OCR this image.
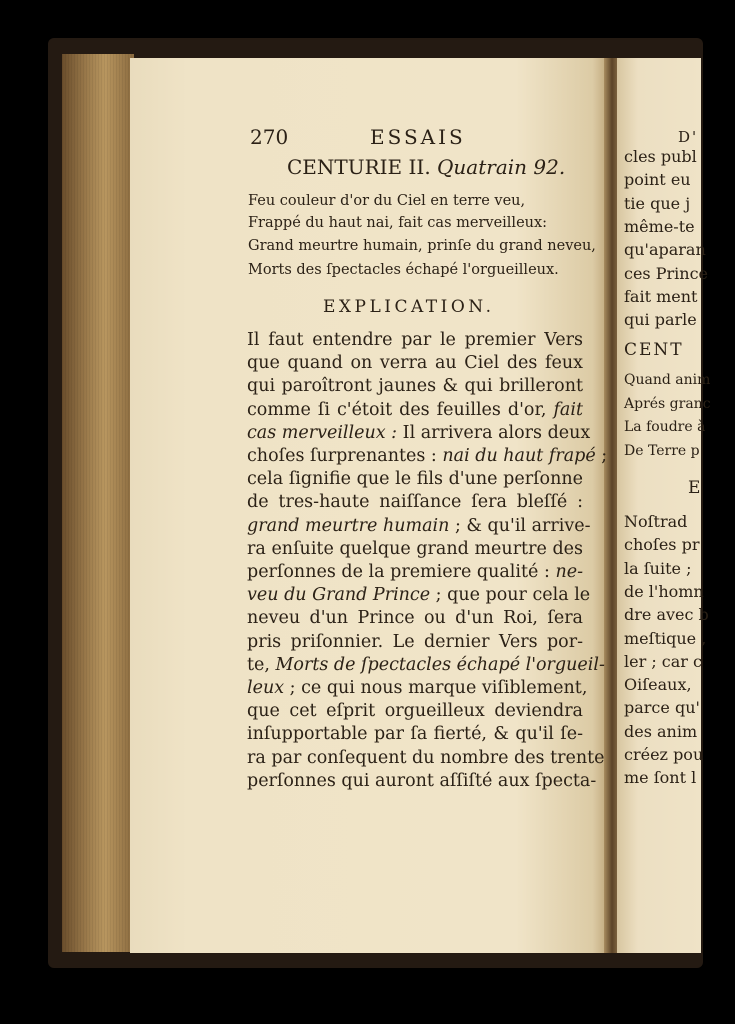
270	ESSAIS
CENTURIE II. Quatrain 92.
Feu couleur d'or du Ciel en terre veu,
Frappé du haut nai, fait cas merveilleux:
Grand meurtre humain, prinſe du grand neveu,
Morts des ſpectacles échapé l'orgueilleux.
EXPLICATION.
Il faut entendre par le premier Vers
que quand on verra au Ciel des feux
qui paroîtront jaunes & qui brilleront
comme ſi c'étoit des feuilles d'or, fait
cas merveilleux : Il arrivera alors deux
choſes ſurprenantes : nai du haut frapé ;
cela ſignifie que le fils d'une perſonne
de tres-haute naiſſance ſera bleſſé :
grand meurtre humain ; & qu'il arrive-
ra enſuite quelque grand meurtre des
perſonnes de la premiere qualité : ne-
veu du Grand Prince ; que pour cela le
neveu d'un Prince ou d'un Roi, ſera
pris priſonnier. Le dernier Vers por-
te, Morts de ſpectacles échapé l'orgueil-
leux ; ce qui nous marque viſiblement,
que cet eſprit orgueilleux deviendra
inſupportable par ſa fierté, & qu'il ſe-
ra par conſequent du nombre des trente
perſonnes qui auront aſſiſté aux ſpecta-
D'
cles publ
point eu
tie que j
même-te
qu'aparan
ces Prince
fait ment
qui parle
CENT
Quand anim
Aprés granc
La foudre à
De Terre p
E
Noſtrad
choſes pr
la ſuite ;
de l'homn
dre avec b
meſtique ,
ler ; car c
Oiſeaux,
parce qu'
des anim
créez pou
me ſont l
